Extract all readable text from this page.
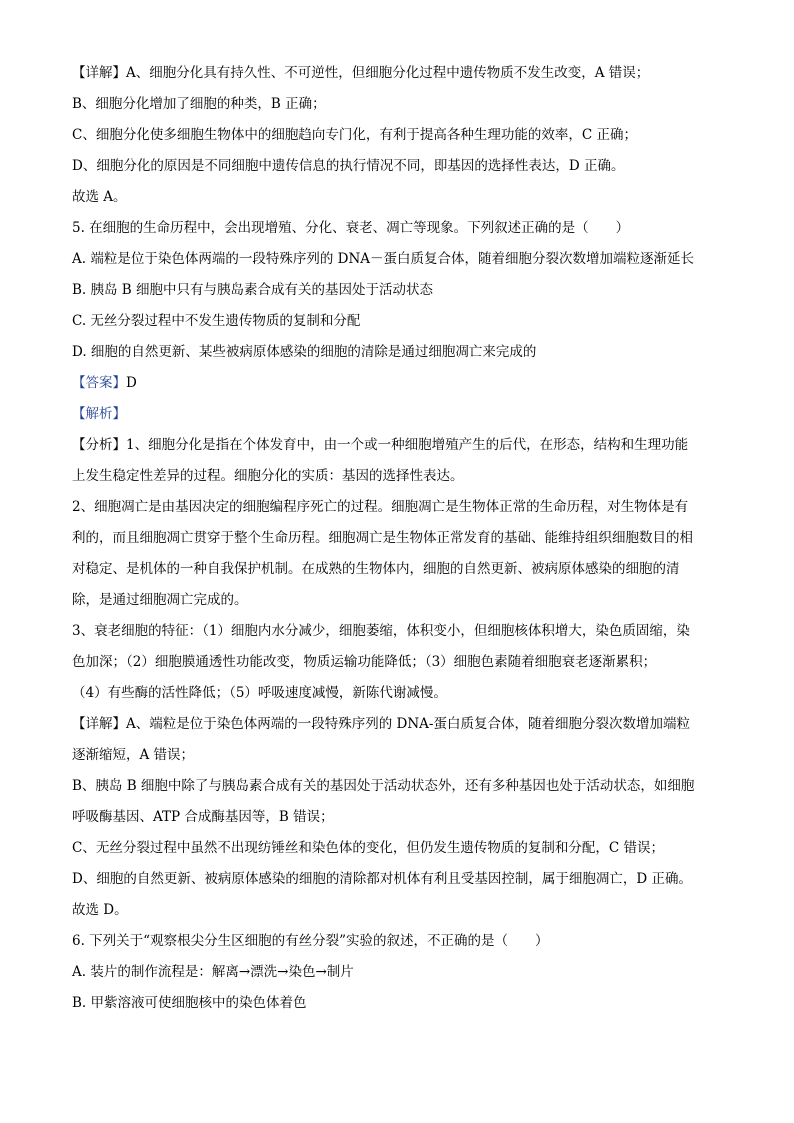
【详解】A、细胞分化具有持久性、不可逆性，但细胞分化过程中遗传物质不发生改变，A 错误；
B、细胞分化增加了细胞的种类，B 正确；
C、细胞分化使多细胞生物体中的细胞趋向专门化，有利于提高各种生理功能的效率，C 正确；
D、细胞分化的原因是不同细胞中遗传信息的执行情况不同，即基因的选择性表达，D 正确。
故选 A。
5. 在细胞的生命历程中，会出现增殖、分化、衰老、凋亡等现象。下列叙述正确的是（　　）
A. 端粒是位于染色体两端的一段特殊序列的 DNA－蛋白质复合体，随着细胞分裂次数增加端粒逐渐延长
B. 胰岛 B 细胞中只有与胰岛素合成有关的基因处于活动状态
C. 无丝分裂过程中不发生遗传物质的复制和分配
D. 细胞的自然更新、某些被病原体感染的细胞的清除是通过细胞凋亡来完成的
【答案】D
【解析】
【分析】1、细胞分化是指在个体发育中，由一个或一种细胞增殖产生的后代，在形态，结构和生理功能
上发生稳定性差异的过程。细胞分化的实质：基因的选择性表达。
2、细胞凋亡是由基因决定的细胞编程序死亡的过程。细胞凋亡是生物体正常的生命历程，对生物体是有
利的，而且细胞凋亡贯穿于整个生命历程。细胞凋亡是生物体正常发育的基础、能维持组织细胞数目的相
对稳定、是机体的一种自我保护机制。在成熟的生物体内，细胞的自然更新、被病原体感染的细胞的清
除，是通过细胞凋亡完成的。
3、衰老细胞的特征：（1）细胞内水分减少，细胞萎缩，体积变小，但细胞核体积增大，染色质固缩，染
色加深；（2）细胞膜通透性功能改变，物质运输功能降低；（3）细胞色素随着细胞衰老逐渐累积；
（4）有些酶的活性降低；（5）呼吸速度减慢，新陈代谢减慢。
【详解】A、端粒是位于染色体两端的一段特殊序列的 DNA-蛋白质复合体，随着细胞分裂次数增加端粒
逐渐缩短，A 错误；
B、胰岛 B 细胞中除了与胰岛素合成有关的基因处于活动状态外，还有多种基因也处于活动状态，如细胞
呼吸酶基因、ATP 合成酶基因等，B 错误；
C、无丝分裂过程中虽然不出现纺锤丝和染色体的变化，但仍发生遗传物质的复制和分配，C 错误；
D、细胞的自然更新、被病原体感染的细胞的清除都对机体有利且受基因控制，属于细胞凋亡，D 正确。
故选 D。
6. 下列关于“观察根尖分生区细胞的有丝分裂”实验的叙述，不正确的是（　　）
A. 装片的制作流程是：解离→漂洗→染色→制片
B. 甲紫溶液可使细胞核中的染色体着色
